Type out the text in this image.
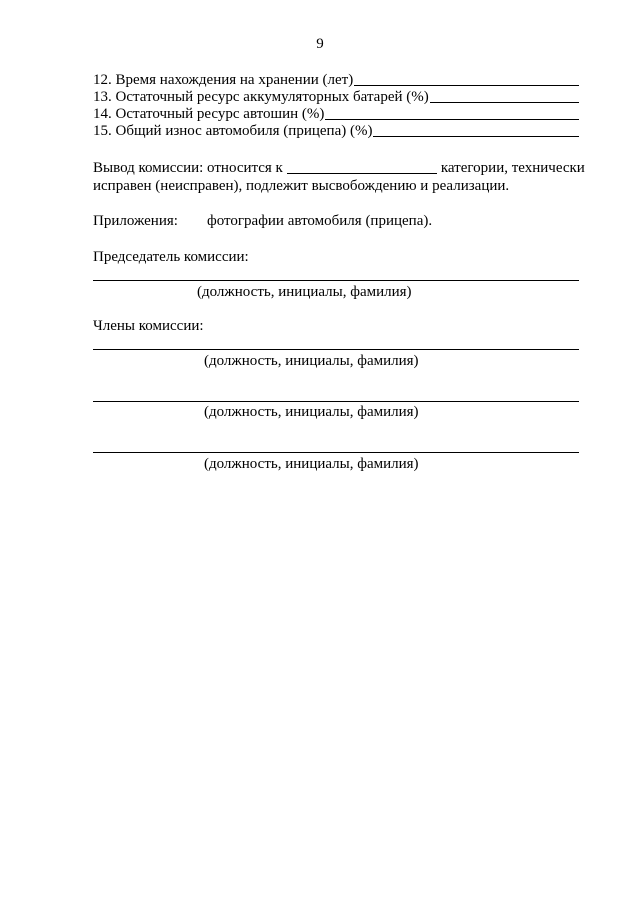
9
12. Время нахождения на хранении (лет)
13. Остаточный ресурс аккумуляторных батарей (%)
14. Остаточный ресурс автошин (%)
15. Общий износ автомобиля (прицепа) (%)
Вывод комиссии: относится к	категории, технически
исправен (неисправен), подлежит высвобождению и реализации.
Приложения: фотографии автомобиля (прицепа).
Председатель комиссии:
(должность, инициалы, фамилия)
Члены комиссии:
(должность, инициалы, фамилия)
(должность, инициалы, фамилия)
(должность, инициалы, фамилия)
